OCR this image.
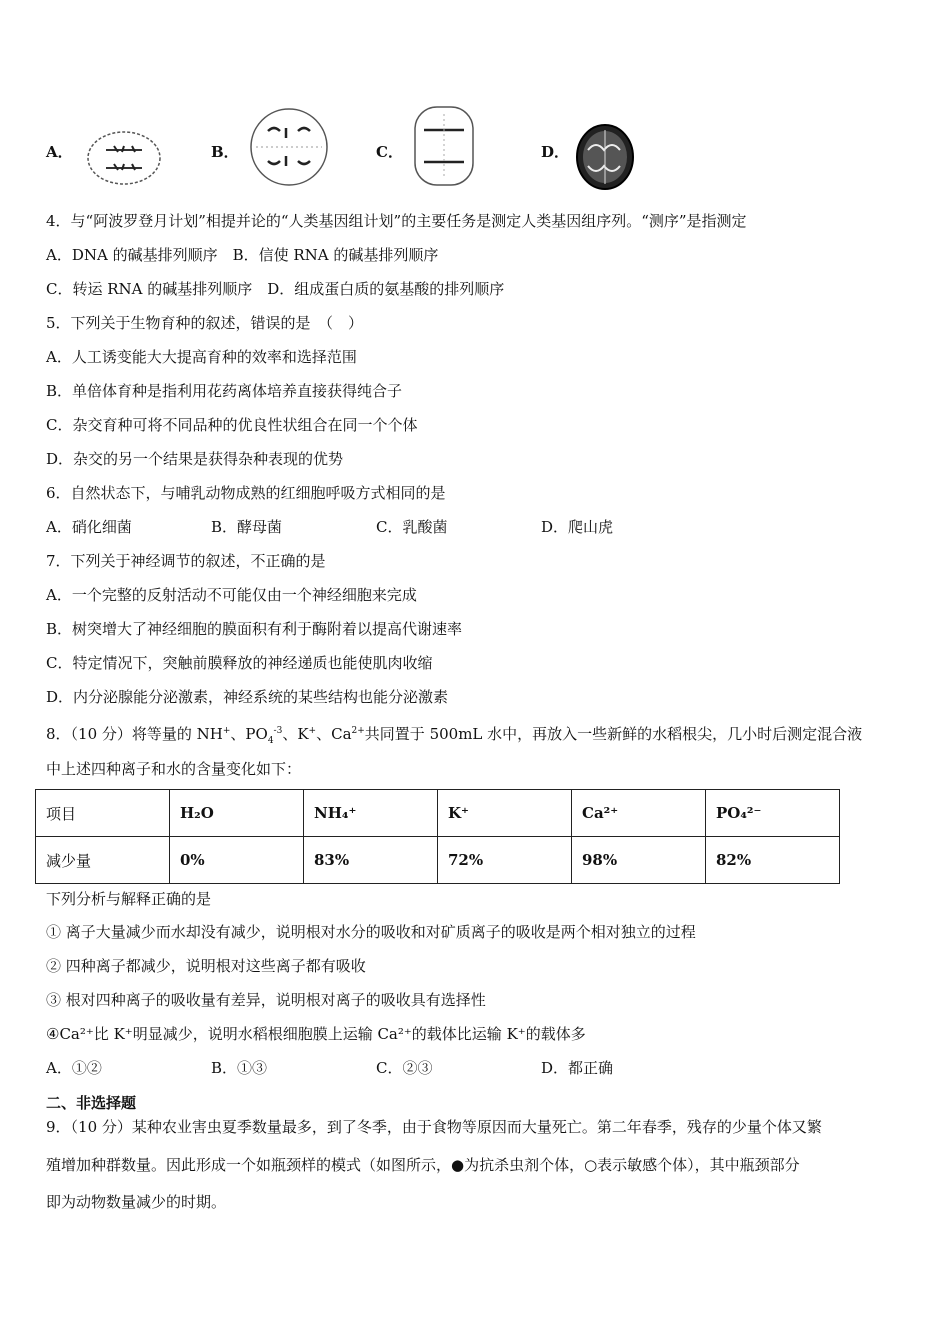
A．	B．	C．	D．
4．与“阿波罗登月计划”相提并论的“人类基因组计划”的主要任务是测定人类基因组序列。“测序”是指测定
A．DNA 的碱基排列顺序　B．信使 RNA 的碱基排列顺序
C．转运 RNA 的碱基排列顺序　D．组成蛋白质的氨基酸的排列顺序
5．下列关于生物育种的叙述，错误的是　（　）
A．人工诱变能大大提高育种的效率和选择范围
B．单倍体育种是指利用花药离体培养直接获得纯合子
C．杂交育种可将不同品种的优良性状组合在同一个个体
D．杂交的另一个结果是获得杂种表现的优势
6．自然状态下，与哺乳动物成熟的红细胞呼吸方式相同的是
A．硝化细菌	B．酵母菌	C．乳酸菌	D．爬山虎
7．下列关于神经调节的叙述，不正确的是
A．一个完整的反射活动不可能仅由一个神经细胞来完成
B．树突增大了神经细胞的膜面积有利于酶附着以提高代谢速率
C．特定情况下，突触前膜释放的神经递质也能使肌肉收缩
D．内分泌腺能分泌激素，神经系统的某些结构也能分泌激素
8．（10 分）将等量的 NH+、$PO_4^{-3}$、K+、$Ca^{2+}$共同置于 500mL 水中，再放入一些新鲜的水稻根尖，几小时后测定混合液
中上述四种离子和水的含量变化如下：
项目	H₂O	NH₄⁺	K⁺	Ca²⁺	PO₄²⁻
减少量	0%	83%	72%	98%	82%
下列分析与解释正确的是
① 离子大量减少而水却没有减少，说明根对水分的吸收和对矿质离子的吸收是两个相对独立的过程
② 四种离子都减少，说明根对这些离子都有吸收
③ 根对四种离子的吸收量有差异，说明根对离子的吸收具有选择性
④Ca²⁺比 K⁺明显减少，说明水稻根细胞膜上运输 Ca²⁺的载体比运输 K⁺的载体多
A．①②	B．①③	C．②③	D．都正确
二、非选择题
9．（10 分）某种农业害虫夏季数量最多，到了冬季，由于食物等原因而大量死亡。第二年春季，残存的少量个体又繁
殖增加种群数量。因此形成一个如瓶颈样的模式（如图所示，●为抗杀虫剂个体，○表示敏感个体），其中瓶颈部分
即为动物数量减少的时期。
